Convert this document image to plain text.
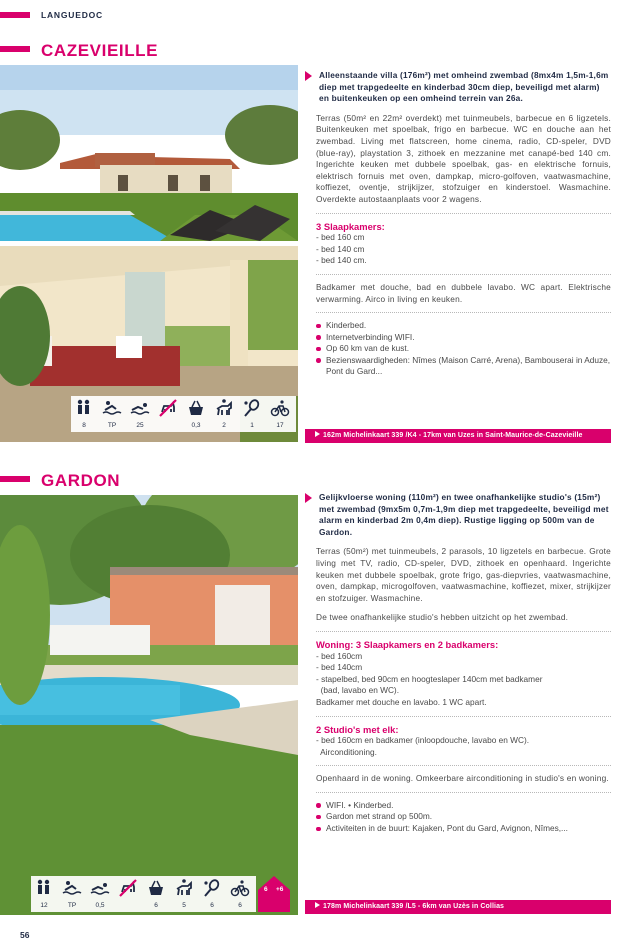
LANGUEDOC
CAZEVIEILLE
8	TP	25	0,3	2	1	17
Alleenstaande villa (176m²) met omheind zwembad (8mx4m 1,5m-1,6m diep met trapgedeelte en kinderbad 30cm diep, beveiligd met alarm) en buitenkeuken op een omheind terrein van 26a.
Terras (50m² en 22m² overdekt) met tuinmeubels, barbecue en 6 ligzetels. Buitenkeuken met spoelbak, frigo en barbecue. WC en douche aan het zwembad. Living met flatscreen, home cinema, radio, CD-speler, DVD (blue-ray), playstation 3, zithoek en mezzanine met canapé-bed 140 cm. Ingerichte keuken met dubbele spoelbak, gas- en elektrische fornuis, elektrisch fornuis met oven, dampkap, micro-golfoven, vaatwasmachine, koffiezet, oventje, strijkijzer, stofzuiger en kinderstoel. Wasmachine. Overdekte autostaanplaats voor 2 wagens.
3 Slaapkamers:
- bed 160 cm
- bed 140 cm
- bed 140 cm.
Badkamer met douche, bad en dubbele lavabo. WC apart. Elektrische verwarming. Airco in living en keuken.
Kinderbed.
Internetverbinding WIFI.
Op 60 km van de kust.
Bezienswaardigheden: Nîmes (Maison Carré, Arena), Bambouserai in Aduze, Pont du Gard...
162m Michelinkaart 339 /K4 - 17km van Uzes in Saint-Maurice-de-Cazevieille
GARDON
12	TP	0,5	6	5	6	6
6 +6
Gelijkvloerse woning (110m²) en twee onafhankelijke studio's (15m²) met zwembad (9mx5m 0,7m-1,9m diep met trapgedeelte, beveiligd met alarm en kinderbad 2m 0,4m diep). Rustige ligging op 500m van de Gardon.
Terras (50m²) met tuinmeubels, 2 parasols, 10 ligzetels en barbecue. Grote living met TV, radio, CD-speler, DVD, zithoek en openhaard. Ingerichte keuken met dubbele spoelbak, grote frigo, gas-diepvries, vaatwasmachine, oven, dampkap, microgolfoven, vaatwasmachine, koffiezet, mixer, strijkijzer en stofzuiger. Wasmachine.
De twee onafhankelijke studio's hebben uitzicht op het zwembad.
Woning: 3 Slaapkamers en 2 badkamers:
- bed 160cm
- bed 140cm
- stapelbed, bed 90cm en hoogteslaper 140cm met badkamer
(bad, lavabo en WC).
Badkamer met douche en lavabo. 1 WC apart.
2 Studio's met elk:
- bed 160cm en badkamer (inloopdouche, lavabo en WC).
Airconditioning.
Openhaard in de woning. Omkeerbare airconditioning in studio's en woning.
WIFI. • Kinderbed.
Gardon met strand op 500m.
Activiteiten in de buurt: Kajaken, Pont du Gard, Avignon, Nîmes,...
178m Michelinkaart 339 /L5 - 6km van Uzès in Collias
56
